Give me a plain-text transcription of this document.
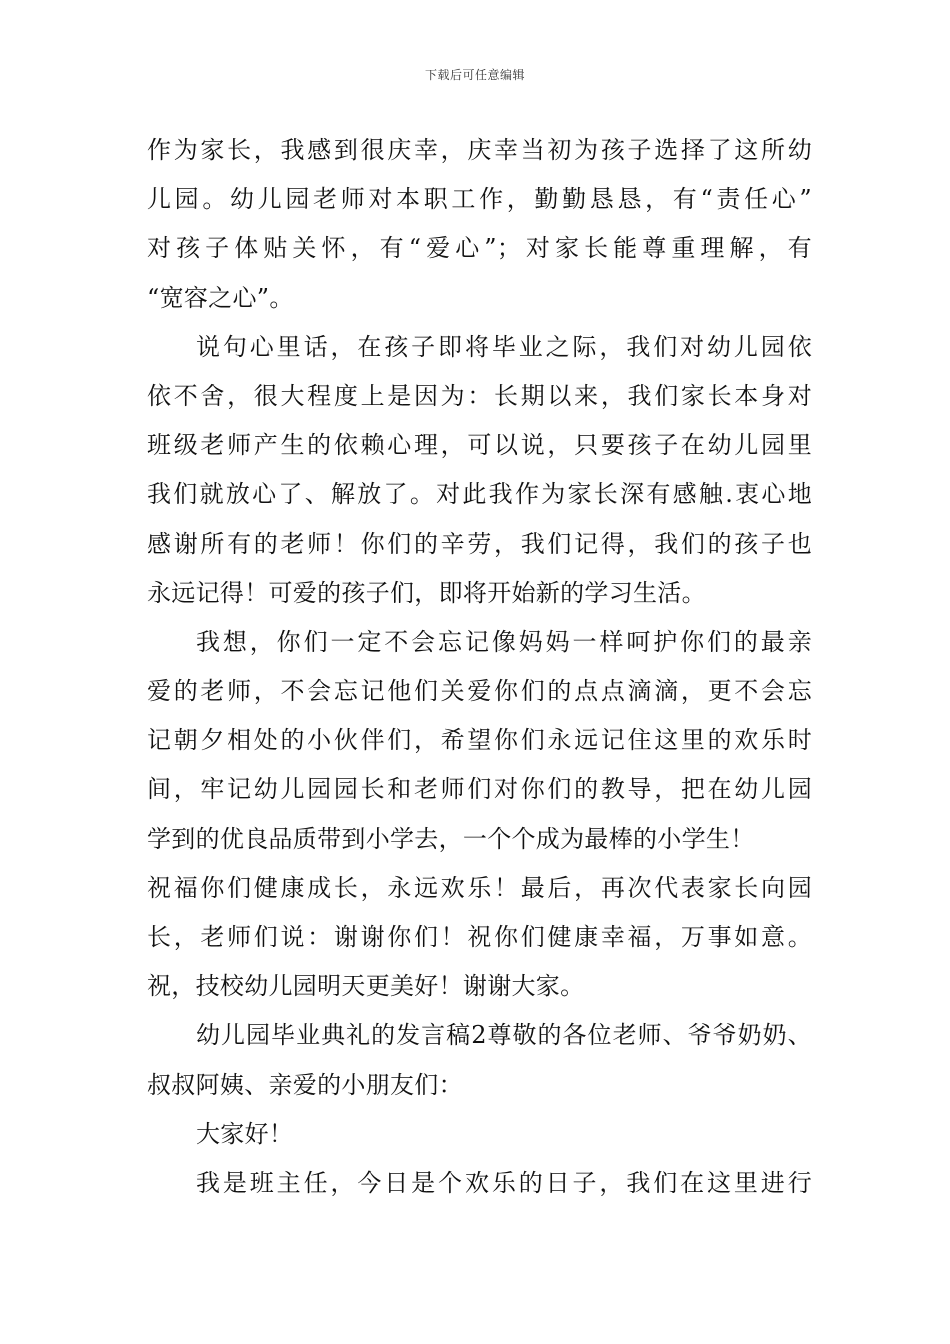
下载后可任意编辑
作为家长，我感到很庆幸，庆幸当初为孩子选择了这所幼
儿园。幼儿园老师对本职工作，勤勤恳恳，有“责任心”
对孩子体贴关怀，有“爱心”；对家长能尊重理解，有
“宽容之心”。
说句心里话，在孩子即将毕业之际，我们对幼儿园依
依不舍，很大程度上是因为：长期以来，我们家长本身对
班级老师产生的依赖心理，可以说，只要孩子在幼儿园里
我们就放心了、解放了。对此我作为家长深有感触.衷心地
感谢所有的老师！你们的辛劳，我们记得，我们的孩子也
永远记得！可爱的孩子们，即将开始新的学习生活。
我想，你们一定不会忘记像妈妈一样呵护你们的最亲
爱的老师，不会忘记他们关爱你们的点点滴滴，更不会忘
记朝夕相处的小伙伴们，希望你们永远记住这里的欢乐时
间，牢记幼儿园园长和老师们对你们的教导，把在幼儿园
学到的优良品质带到小学去，一个个成为最棒的小学生！
祝福你们健康成长，永远欢乐！最后，再次代表家长向园
长，老师们说：谢谢你们！祝你们健康幸福，万事如意。
祝，技校幼儿园明天更美好！谢谢大家。
幼儿园毕业典礼的发言稿2尊敬的各位老师、爷爷奶奶、
叔叔阿姨、亲爱的小朋友们：
大家好！
我是班主任，今日是个欢乐的日子，我们在这里进行
